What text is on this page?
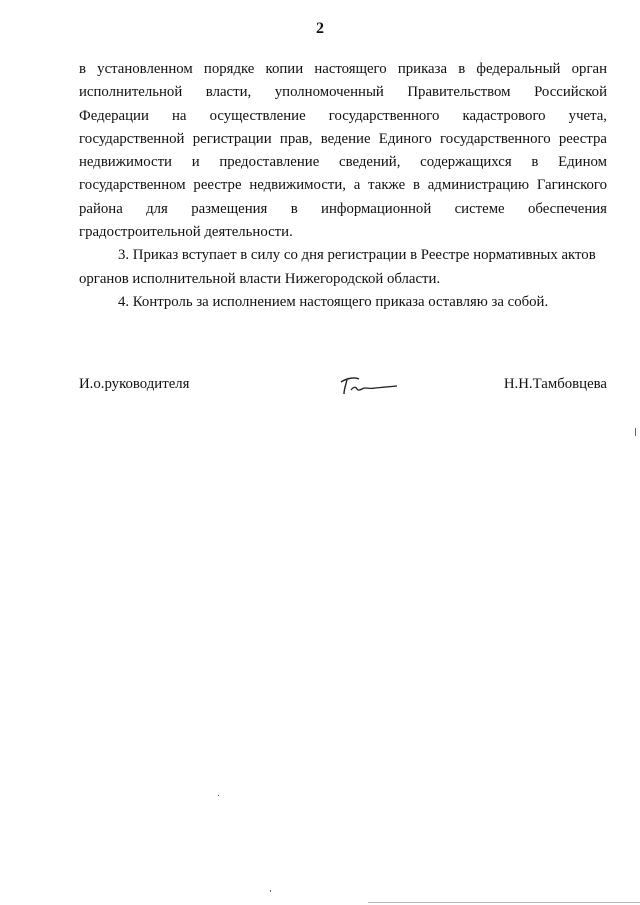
2
в установленном порядке копии настоящего приказа в федеральный орган
исполнительной власти, уполномоченный Правительством Российской
Федерации на осуществление государственного кадастрового учета,
государственной регистрации прав, ведение Единого государственного реестра
недвижимости и предоставление сведений, содержащихся в Едином
государственном реестре недвижимости, а также в администрацию Гагинского
района для размещения в информационной системе обеспечения
градостроительной деятельности.
3. Приказ вступает в силу со дня регистрации в Реестре нормативных актов
органов исполнительной власти Нижегородской области.
4. Контроль за исполнением настоящего приказа оставляю за собой.
И.о.руководителя	Н.Н.Тамбовцева
